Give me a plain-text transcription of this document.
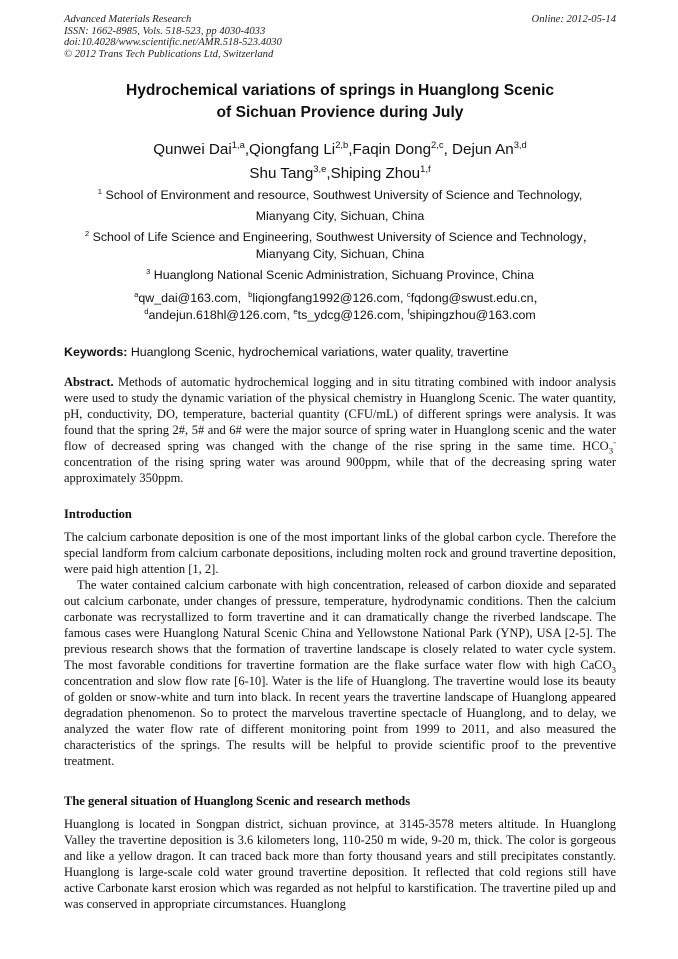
Advanced Materials Research
ISSN: 1662-8985, Vols. 518-523, pp 4030-4033
doi:10.4028/www.scientific.net/AMR.518-523.4030
© 2012 Trans Tech Publications Ltd, Switzerland
Online: 2012-05-14
Hydrochemical variations of springs in Huanglong Scenic
of Sichuan Provience during July
Qunwei Dai$^{1,a}$,Qiongfang Li$^{2,b}$,Faqin Dong$^{2,c}$, Dejun An$^{3,d}$
Shu Tang$^{3,e}$,Shiping Zhou$^{1,f}$
$^1$ School of Environment and resource, Southwest University of Science and Technology,
Mianyang City, Sichuan, China
$^2$ School of Life Science and Engineering, Southwest University of Science and Technology，
Mianyang City, Sichuan, China
$^3$ Huanglong National Scenic Administration, Sichuang Province, China
$^a$qw_dai@163.com, $^b$liqiongfang1992@126.com, $^c$fqdong@swust.edu.cn，
$^d$andejun.618hl@126.com, $^e$ts_ydcg@126.com, $^f$shipingzhou@163.com
Keywords: Huanglong Scenic, hydrochemical variations, water quality, travertine

Abstract. Methods of automatic hydrochemical logging and in situ titrating combined with indoor analysis were used to study the dynamic variation of the physical chemistry in Huanglong Scenic. The water quantity, pH, conductivity, DO, temperature, bacterial quantity (CFU/mL) of different springs were analysis. It was found that the spring 2#, 5# and 6# were the major source of spring water in Huanglong scenic and the water flow of decreased spring was changed with the change of the rise spring in the same time. $HCO_3^-$ concentration of the rising spring water was around 900ppm, while that of the decreasing spring water approximately 350ppm.

Introduction

The calcium carbonate deposition is one of the most important links of the global carbon cycle. Therefore the special landform from calcium carbonate depositions, including molten rock and ground travertine deposition, were paid high attention [1, 2].

The water contained calcium carbonate with high concentration, released of carbon dioxide and separated out calcium carbonate, under changes of pressure, temperature, hydrodynamic conditions. Then the calcium carbonate was recrystallized to form travertine and it can dramatically change the riverbed landscape. The famous cases were Huanglong Natural Scenic China and Yellowstone National Park (YNP), USA [2-5]. The previous research shows that the formation of travertine landscape is closely related to water cycle system. The most favorable conditions for travertine formation are the flake surface water flow with high CaCO$_3$ concentration and slow flow rate [6-10]. Water is the life of Huanglong. The travertine would lose its beauty of golden or snow-white and turn into black. In recent years the travertine landscape of Huanglong appeared degradation phenomenon. So to protect the marvelous travertine spectacle of Huanglong, and to delay, we analyzed the water flow rate of different monitoring point from 1999 to 2011, and also measured the characteristics of the springs. The results will be helpful to provide scientific proof to the preventive treatment.

The general situation of Huanglong Scenic and research methods

Huanglong is located in Songpan district, sichuan province, at 3145-3578 meters altitude. In Huanglong Valley the travertine deposition is 3.6 kilometers long, 110-250 m wide, 9-20 m, thick. The color is gorgeous and like a yellow dragon. It can traced back more than forty thousand years and still precipitates constantly. Huanglong is large-scale cold water ground travertine deposition. It reflected that cold regions still have active Carbonate karst erosion which was regarded as not helpful to karstification. The travertine piled up and was conserved in appropriate circumstances. Huanglong
